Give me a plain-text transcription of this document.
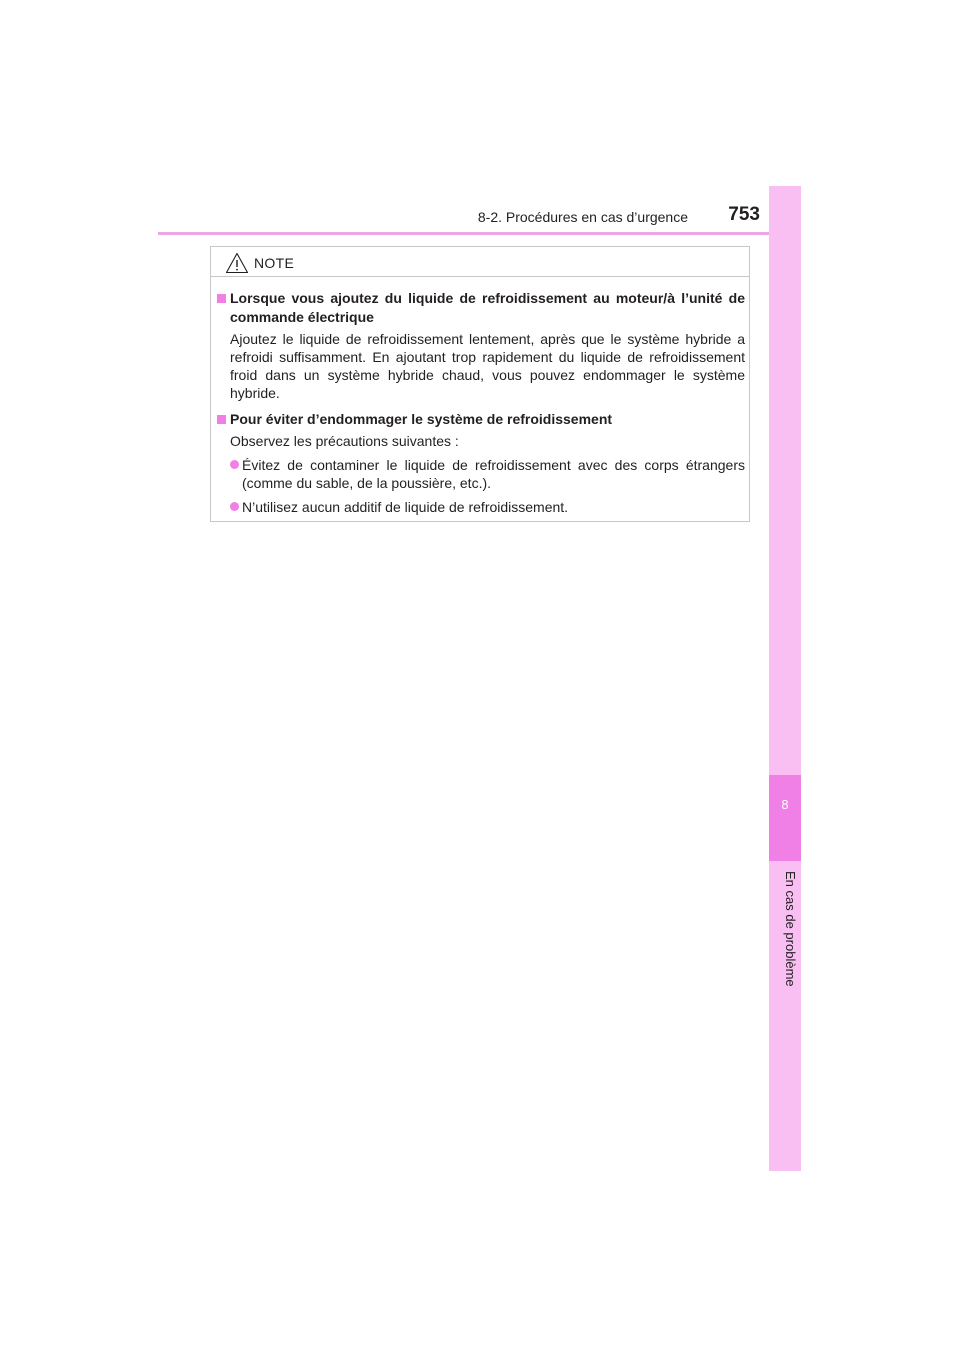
8-2. Procédures en cas d’urgence	753
8
En cas de problème
NOTE
Lorsque vous ajoutez du liquide de refroidissement au moteur/à l’unité de commande électrique

Ajoutez le liquide de refroidissement lentement, après que le système hybride a refroidi suffisamment. En ajoutant trop rapidement du liquide de refroidissement froid dans un système hybride chaud, vous pouvez endommager le système hybride.

Pour éviter d’endommager le système de refroidissement

Observez les précautions suivantes :

Évitez de contaminer le liquide de refroidissement avec des corps étrangers (comme du sable, de la poussière, etc.).
N’utilisez aucun additif de liquide de refroidissement.
